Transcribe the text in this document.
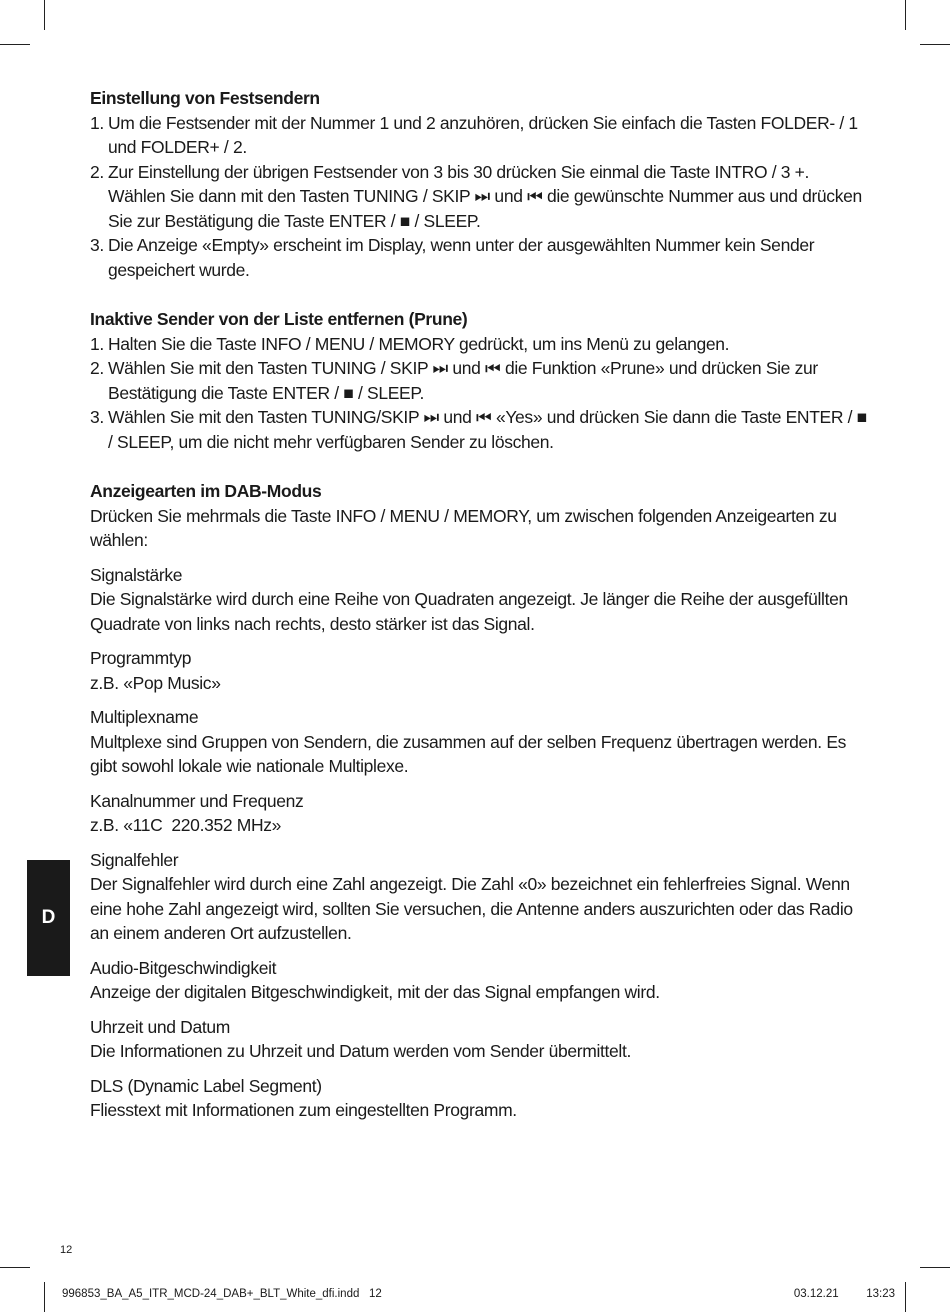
Einstellung von Festsendern
1. Um die Festsender mit der Nummer 1 und 2 anzuhören, drücken Sie einfach die Tasten FOLDER- / 1 und FOLDER+ / 2.
2. Zur Einstellung der übrigen Festsender von 3 bis 30 drücken Sie einmal die Taste INTRO / 3 +. Wählen Sie dann mit den Tasten TUNING / SKIP ⏭ und ⏮ die gewünschte Nummer aus und drücken Sie zur Bestätigung die Taste ENTER / ■ / SLEEP.
3. Die Anzeige «Empty» erscheint im Display, wenn unter der ausgewählten Nummer kein Sender gespeichert wurde.
Inaktive Sender von der Liste entfernen (Prune)
1. Halten Sie die Taste INFO / MENU / MEMORY gedrückt, um ins Menü zu gelangen.
2. Wählen Sie mit den Tasten TUNING / SKIP ⏭ und ⏮ die Funktion «Prune» und drücken Sie zur Bestätigung die Taste ENTER / ■ / SLEEP.
3. Wählen Sie mit den Tasten TUNING/SKIP ⏭ und ⏮ «Yes» und drücken Sie dann die Taste ENTER / ■ / SLEEP, um die nicht mehr verfügbaren Sender zu löschen.
Anzeigearten im DAB-Modus

Drücken Sie mehrmals die Taste INFO / MENU / MEMORY, um zwischen folgenden Anzeigearten zu wählen:

Signalstärke
Die Signalstärke wird durch eine Reihe von Quadraten angezeigt. Je länger die Reihe der ausgefüllten Quadrate von links nach rechts, desto stärker ist das Signal.
Programmtyp
z.B. «Pop Music»
Multiplexname
Multplexe sind Gruppen von Sendern, die zusammen auf der selben Frequenz übertragen werden. Es gibt sowohl lokale wie nationale Multiplexe.
Kanalnummer und Frequenz
z.B. «11C  220.352 MHz»
Signalfehler
Der Signalfehler wird durch eine Zahl angezeigt. Die Zahl «0» bezeichnet ein fehlerfreies Signal. Wenn eine hohe Zahl angezeigt wird, sollten Sie versuchen, die Antenne anders auszurichten oder das Radio an einem anderen Ort aufzustellen.
Audio-Bitgeschwindigkeit
Anzeige der digitalen Bitgeschwindigkeit, mit der das Signal empfangen wird.
Uhrzeit und Datum
Die Informationen zu Uhrzeit und Datum werden vom Sender übermittelt.
DLS (Dynamic Label Segment)
Fliesstext mit Informationen zum eingestellten Programm.
D
12
996853_BA_A5_ITR_MCD-24_DAB+_BLT_White_dfi.indd   12	03.12.21   13:23
